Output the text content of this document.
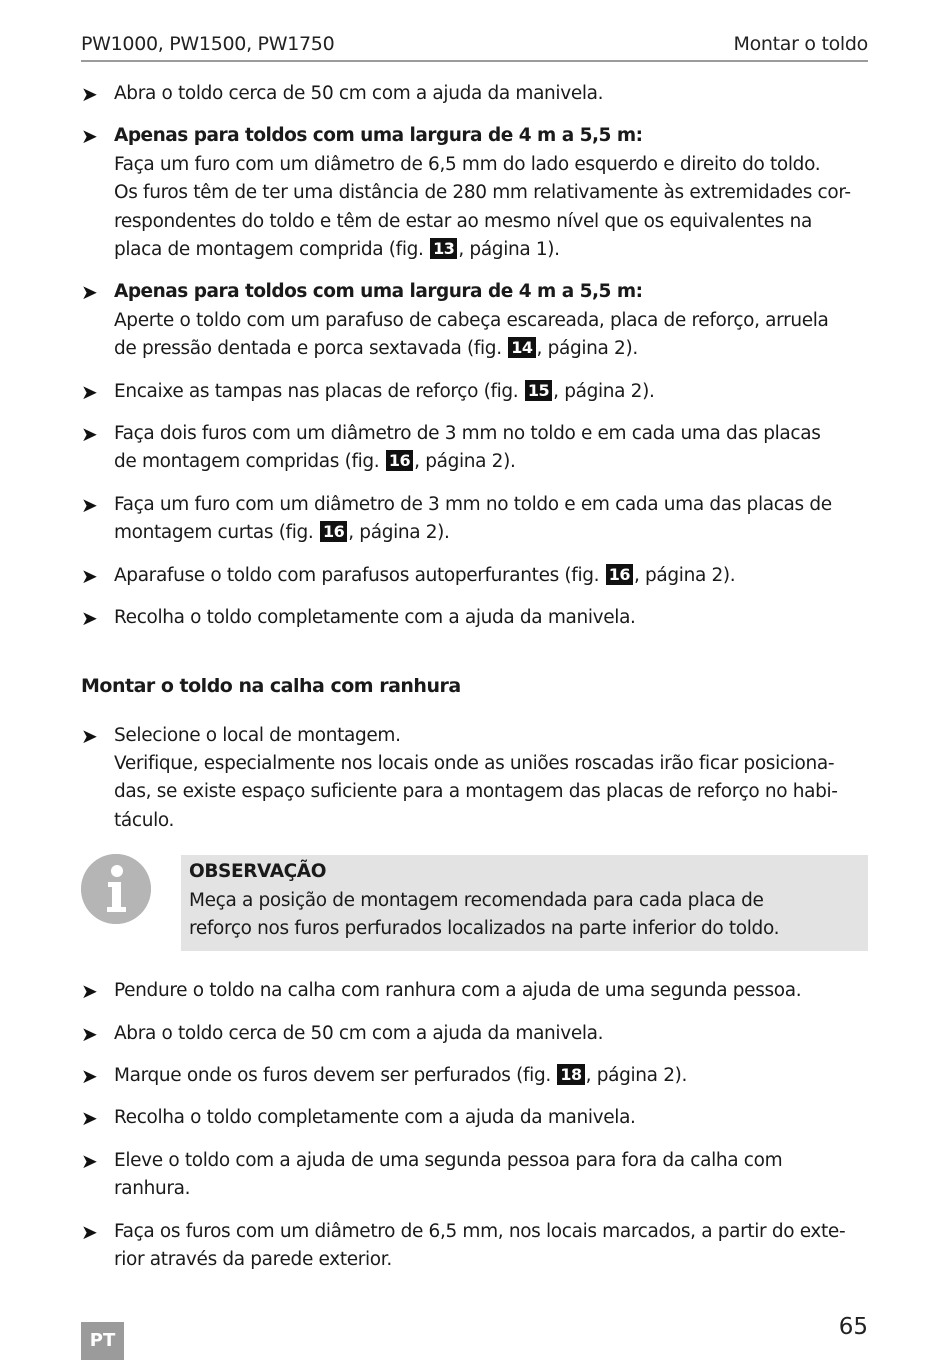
PW1000, PW1500, PW1750	Montar o toldo
➤ Abra o toldo cerca de 50 cm com a ajuda da manivela.
➤ Apenas para toldos com uma largura de 4 m a 5,5 m:
Faça um furo com um diâmetro de 6,5 mm do lado esquerdo e direito do toldo.
Os furos têm de ter uma distância de 280 mm relativamente às extremidades cor-
respondentes do toldo e têm de estar ao mesmo nível que os equivalentes na
placa de montagem comprida (fig. 13 , página 1).
➤ Apenas para toldos com uma largura de 4 m a 5,5 m:
Aperte o toldo com um parafuso de cabeça escareada, placa de reforço, arruela
de pressão dentada e porca sextavada (fig. 14 , página 2).
➤ Encaixe as tampas nas placas de reforço (fig. 15 , página 2).
➤ Faça dois furos com um diâmetro de 3 mm no toldo e em cada uma das placas
de montagem compridas (fig. 16 , página 2).
➤ Faça um furo com um diâmetro de 3 mm no toldo e em cada uma das placas de
montagem curtas (fig. 16 , página 2).
➤ Aparafuse o toldo com parafusos autoperfurantes (fig. 16 , página 2).
➤ Recolha o toldo completamente com a ajuda da manivela.
Montar o toldo na calha com ranhura
➤ Selecione o local de montagem.
Verifique, especialmente nos locais onde as uniões roscadas irão ficar posiciona-
das, se existe espaço suficiente para a montagem das placas de reforço no habi-
táculo.
OBSERVAÇÃO
Meça a posição de montagem recomendada para cada placa de
reforço nos furos perfurados localizados na parte inferior do toldo.
➤ Pendure o toldo na calha com ranhura com a ajuda de uma segunda pessoa.
➤ Abra o toldo cerca de 50 cm com a ajuda da manivela.
➤ Marque onde os furos devem ser perfurados (fig. 18 , página 2).
➤ Recolha o toldo completamente com a ajuda da manivela.
➤ Eleve o toldo com a ajuda de uma segunda pessoa para fora da calha com
ranhura.
➤ Faça os furos com um diâmetro de 6,5 mm, nos locais marcados, a partir do exte-
rior através da parede exterior.
PT
65
